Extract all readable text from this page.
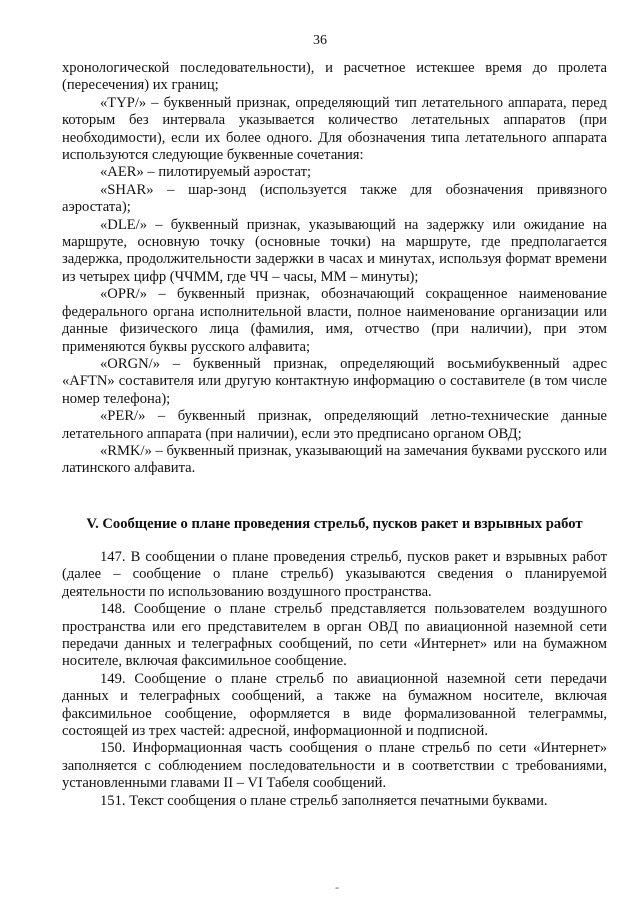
36

хронологической последовательности), и расчетное истекшее время до пролета (пересечения) их границ;

«TYP/» – буквенный признак, определяющий тип летательного аппарата, перед которым без интервала указывается количество летательных аппаратов (при необходимости), если их более одного. Для обозначения типа летательного аппарата используются следующие буквенные сочетания:

«AER» – пилотируемый аэростат;

«SHAR» – шар-зонд (используется также для обозначения привязного аэростата);

«DLE/» – буквенный признак, указывающий на задержку или ожидание на маршруте, основную точку (основные точки) на маршруте, где предполагается задержка, продолжительности задержки в часах и минутах, используя формат времени из четырех цифр (ЧЧММ, где ЧЧ – часы, ММ – минуты);

«OPR/» – буквенный признак, обозначающий сокращенное наименование федерального органа исполнительной власти, полное наименование организации или данные физического лица (фамилия, имя, отчество (при наличии), при этом применяются буквы русского алфавита;

«ORGN/» – буквенный признак, определяющий восьмибуквенный адрес «AFTN» составителя или другую контактную информацию о составителе (в том числе номер телефона);

«PER/» – буквенный признак, определяющий летно-технические данные летательного аппарата (при наличии), если это предписано органом ОВД;

«RMK/» – буквенный признак, указывающий на замечания буквами русского или латинского алфавита.

V. Сообщение о плане проведения стрельб, пусков ракет и взрывных работ

147. В сообщении о плане проведения стрельб, пусков ракет и взрывных работ (далее – сообщение о плане стрельб) указываются сведения о планируемой деятельности по использованию воздушного пространства.

148. Сообщение о плане стрельб представляется пользователем воздушного пространства или его представителем в орган ОВД по авиационной наземной сети передачи данных и телеграфных сообщений, по сети «Интернет» или на бумажном носителе, включая факсимильное сообщение.

149. Сообщение о плане стрельб по авиационной наземной сети передачи данных и телеграфных сообщений, а также на бумажном носителе, включая факсимильное сообщение, оформляется в виде формализованной телеграммы, состоящей из трех частей: адресной, информационной и подписной.

150. Информационная часть сообщения о плане стрельб по сети «Интернет» заполняется с соблюдением последовательности и в соответствии с требованиями, установленными главами II – VI Табеля сообщений.

151. Текст сообщения о плане стрельб заполняется печатными буквами.

-
